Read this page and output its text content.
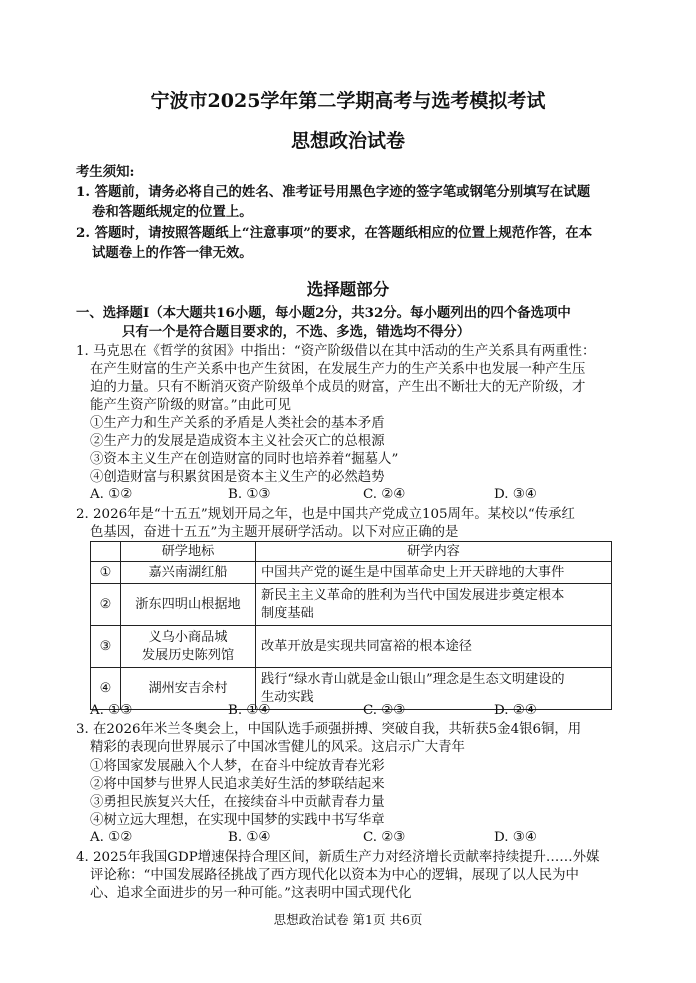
宁波市2025学年第二学期高考与选考模拟考试
思想政治试卷
考生须知:
1. 答题前，请务必将自己的姓名、准考证号用黑色字迹的签字笔或钢笔分别填写在试题
卷和答题纸规定的位置上。
2. 答题时，请按照答题纸上“注意事项”的要求，在答题纸相应的位置上规范作答，在本
试题卷上的作答一律无效。
选择题部分
一、选择题Ⅰ（本大题共16小题，每小题2分，共32分。每小题列出的四个备选项中
只有一个是符合题目要求的，不选、多选，错选均不得分）
1. 马克思在《哲学的贫困》中指出：“资产阶级借以在其中活动的生产关系具有两重性：
在产生财富的生产关系中也产生贫困，在发展生产力的生产关系中也发展一种产生压
迫的力量。只有不断消灭资产阶级单个成员的财富，产生出不断壮大的无产阶级，才
能产生资产阶级的财富。”由此可见
①生产力和生产关系的矛盾是人类社会的基本矛盾
②生产力的发展是造成资本主义社会灭亡的总根源
③资本主义生产在创造财富的同时也培养着“掘墓人”
④创造财富与积累贫困是资本主义生产的必然趋势
A. ①②	B. ①③	C. ②④	D. ③④
2. 2026年是“十五五”规划开局之年，也是中国共产党成立105周年。某校以“传承红
色基因，奋进十五五”为主题开展研学活动。以下对应正确的是
	研学地标	研学内容
①	嘉兴南湖红船	中国共产党的诞生是中国革命史上开天辟地的大事件
②	浙东四明山根据地	新民主主义革命的胜利为当代中国发展进步奠定根本
制度基础

③	义乌小商品城
发展历史陈列馆	改革开放是实现共同富裕的根本途径
④	湖州安吉余村	践行“绿水青山就是金山银山”理念是生态文明建设的
生动实践
A. ①③	B. ①④	C. ②③	D. ②④
3. 在2026年米兰冬奥会上，中国队选手顽强拼搏、突破自我，共斩获5金4银6铜，用
精彩的表现向世界展示了中国冰雪健儿的风采。这启示广大青年
①将国家发展融入个人梦，在奋斗中绽放青春光彩
②将中国梦与世界人民追求美好生活的梦联结起来
③勇担民族复兴大任，在接续奋斗中贡献青春力量
④树立远大理想，在实现中国梦的实践中书写华章
A. ①②	B. ①④	C. ②③	D. ③④
4. 2025年我国GDP增速保持合理区间，新质生产力对经济增长贡献率持续提升……外媒
评论称：“中国发展路径挑战了西方现代化以资本为中心的逻辑，展现了以人民为中
心、追求全面进步的另一种可能。”这表明中国式现代化
思想政治试卷 第1页 共6页
